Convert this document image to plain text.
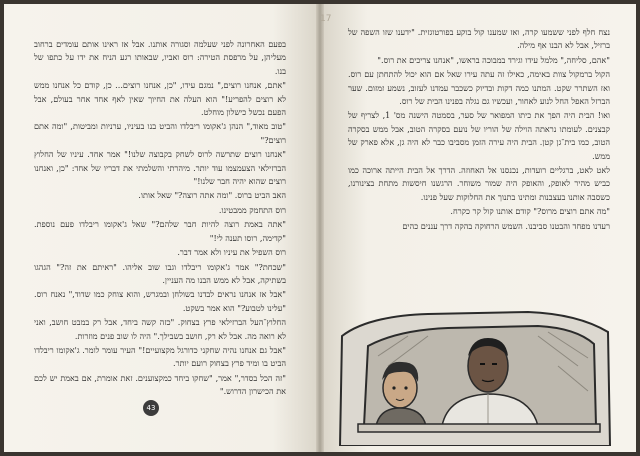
בפעם האחרונה לפני שעלמה וסגורה אותנו. אבל אז ראינו אותם עומדים ברחוב מעליהן, על מרפסת הטירה: רוס ואביו, שבאותו רגע הניח את ידו על כתפו של בנו.

"אתם, אנחנו רוצים," נמגם עידו, "כן, אנחנו רוצים... כן, קודם כל אנחנו ממש לא רוצים להפריע!" הוא העלה את החיוך שאין לאף אחד אחר בעולם, אבל הפעם נכשל כישלון מוחלט.

"טוב מאוד," הנהן ג'אקומו ריבלדו והביט בנו בעיניו, ערניות ומביטות, "ומה אתם רוצים?"

"אנחנו רוצים שתרשה לרוס לשחק בקבוצה שלנו!" אמר אחד. עיניו של החלוץ הברזילאי הצעמצמו עוד יותר. מיהרתי והשלמתי את דבריו של אחד: "כן, ואנחנו רוצים שהוא יהיה חבר שלנו!"

האב הביט ברוס. "ומה אתה רוצה?" שאל אותו.

רוס התחמק ממבטינו.

"אתה באמת רוצה להיות חבר שלהם?" שאל ג'אקומו ריבלדו פעם נוספת. "קדימה, רוסו תענה לי!"

רוס השפיל את עיניו ולא אמר דבר.

"שכחת?" אמר ג'אקומו ריבלדו וגבו שוב אליהו. "ראיתם את זה?" הגהגו בשתיקה, אבל לא ממש הבנו מה העניין.

"אבל אז אנחנו נראים לבדנו בשולחן ובמגרש, והוא צוחק כמו שדוד," נאנח רוס. "עלינו לטבוע?" הוא אמר בשקט.

החלוץ־העל הברזילאי פרץ בצחוק. "כזה קשה ביחד, אבל רק במבט חושב, ואני לא רואה מה. אבל לא רק, חושב בשבילך." היה לו שוב פנים מוזרות.

"אבל גם אנחנו נהיה שחקני כדורגל מקצועיים!" העיר עומר לומר. ג'אקומו ריבלדו הביט בו ומיד פרץ בצחוק רועם יותר.

"זה הכל בסדר," אמר, "שחקו ביחד כמקצוענים. זאת אומרת, אם באמת יש לכם את הכישרון הדרוש."

נצח חלף לפני ששמעו קרה, ואז שמענו קול בוקע בפורטוגזית. "ידענו שזו השפה של ברזיל, אבל לא הבנו אף מילה.

"אהם, סליחה," מלמל עידו וגירד במבוכה בראשו, "אנחנו צריכים את רוס."

הקול ברמקול צוות באימה, כאילו זה עתה עירו שאל אם הוא יכול להתחתן עם רוס. ואז השתרר שקט. המתנו כמה דקות ובדיוק כשכבר עמדנו לעזוב, נשמע זמזום. שער הברזל האפל החל לנוע לאחור, ועכשיו גם נגלה בפנינו הבית של רוס.

ואו! הבית היה הפך את כיתו המפואר של סער, בסמטה הישנה מס' 1, לצריף של קבצנים. לעומתו נראתה הוילה של הוריו של נועם בסקרה הטוב, אבל ממש בסקרה הטוב, כמו בית־גן קטן. הבית היה עירה הזמן מסביבו כבר לא היה גן, אלא פארק של ממש.

לאט לאט, ברגליים רועדות, נכנסנו אל האחוזה. הדרך אל הבית הייתה ארוכה כמו כביש מהיר לאופק, והאופק היה שמור משוחר. הרגשנו חיסשות מתחת בצינורנו, כשסבה אותנו בעצבנות ומתינו בתנוך את החלוקות שעל פנינו.

"מה אתם רוצים מרוס?" קודם אותנו קול קר כקרח.

רעדנו מפחד והבטנו סביבנו. השמש הרחוקה בהקה דרך עננים כהים

17
43
